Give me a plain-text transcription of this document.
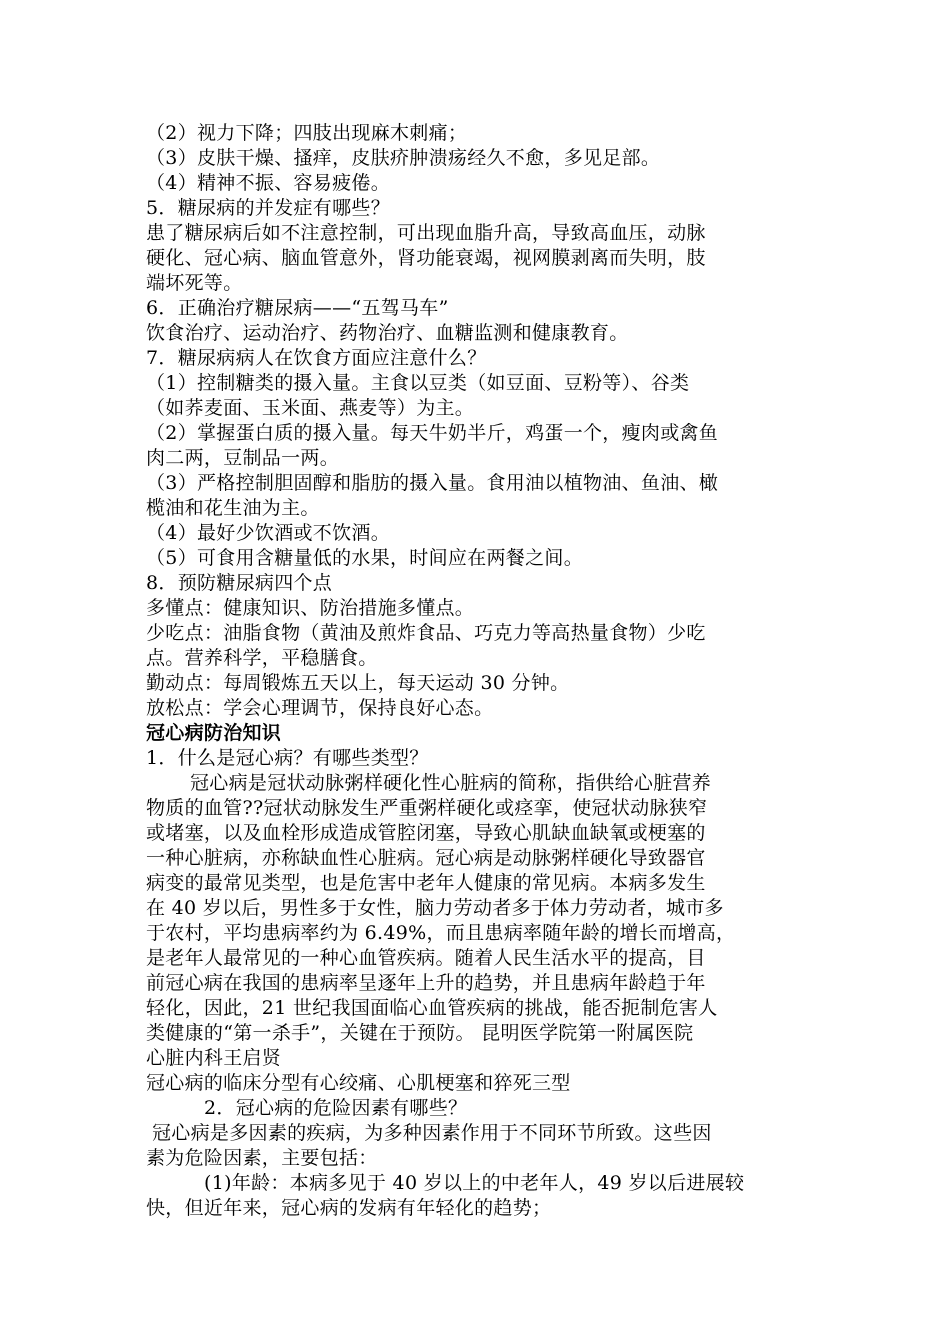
（2）视力下降；四肢出现麻木刺痛；
（3）皮肤干燥、搔痒，皮肤疥肿溃疡经久不愈，多见足部。
（4）精神不振、容易疲倦。
5．糖尿病的并发症有哪些？
患了糖尿病后如不注意控制，可出现血脂升高，导致高血压，动脉
硬化、冠心病、脑血管意外，肾功能衰竭，视网膜剥离而失明，肢
端坏死等。
6．正确治疗糖尿病——“五驾马车”
饮食治疗、运动治疗、药物治疗、血糖监测和健康教育。
7．糖尿病病人在饮食方面应注意什么？
（1）控制糖类的摄入量。主食以豆类（如豆面、豆粉等）、谷类
（如荞麦面、玉米面、燕麦等）为主。
（2）掌握蛋白质的摄入量。每天牛奶半斤，鸡蛋一个，瘦肉或禽鱼
肉二两，豆制品一两。
（3）严格控制胆固醇和脂肪的摄入量。食用油以植物油、鱼油、橄
榄油和花生油为主。
（4）最好少饮酒或不饮酒。
（5）可食用含糖量低的水果，时间应在两餐之间。
8．预防糖尿病四个点
多懂点：健康知识、防治措施多懂点。
少吃点：油脂食物（黄油及煎炸食品、巧克力等高热量食物）少吃
点。营养科学，平稳膳食。
勤动点：每周锻炼五天以上，每天运动 30 分钟。
放松点：学会心理调节，保持良好心态。
冠心病防治知识
1．什么是冠心病？有哪些类型？
冠心病是冠状动脉粥样硬化性心脏病的简称，指供给心脏营养
物质的血管??冠状动脉发生严重粥样硬化或痉挛，使冠状动脉狭窄
或堵塞，以及血栓形成造成管腔闭塞，导致心肌缺血缺氧或梗塞的
一种心脏病，亦称缺血性心脏病。冠心病是动脉粥样硬化导致器官
病变的最常见类型，也是危害中老年人健康的常见病。本病多发生
在 40 岁以后，男性多于女性，脑力劳动者多于体力劳动者，城市多
于农村，平均患病率约为 6.49%，而且患病率随年龄的增长而增高，
是老年人最常见的一种心血管疾病。随着人民生活水平的提高，目
前冠心病在我国的患病率呈逐年上升的趋势，并且患病年龄趋于年
轻化，因此，21 世纪我国面临心血管疾病的挑战，能否扼制危害人
类健康的“第一杀手”，关键在于预防。 昆明医学院第一附属医院
心脏内科王启贤
冠心病的临床分型有心绞痛、心肌梗塞和猝死三型
2．冠心病的危险因素有哪些？
冠心病是多因素的疾病，为多种因素作用于不同环节所致。这些因
素为危险因素，主要包括：
(1)年龄：本病多见于 40 岁以上的中老年人，49 岁以后进展较
快，但近年来，冠心病的发病有年轻化的趋势；
